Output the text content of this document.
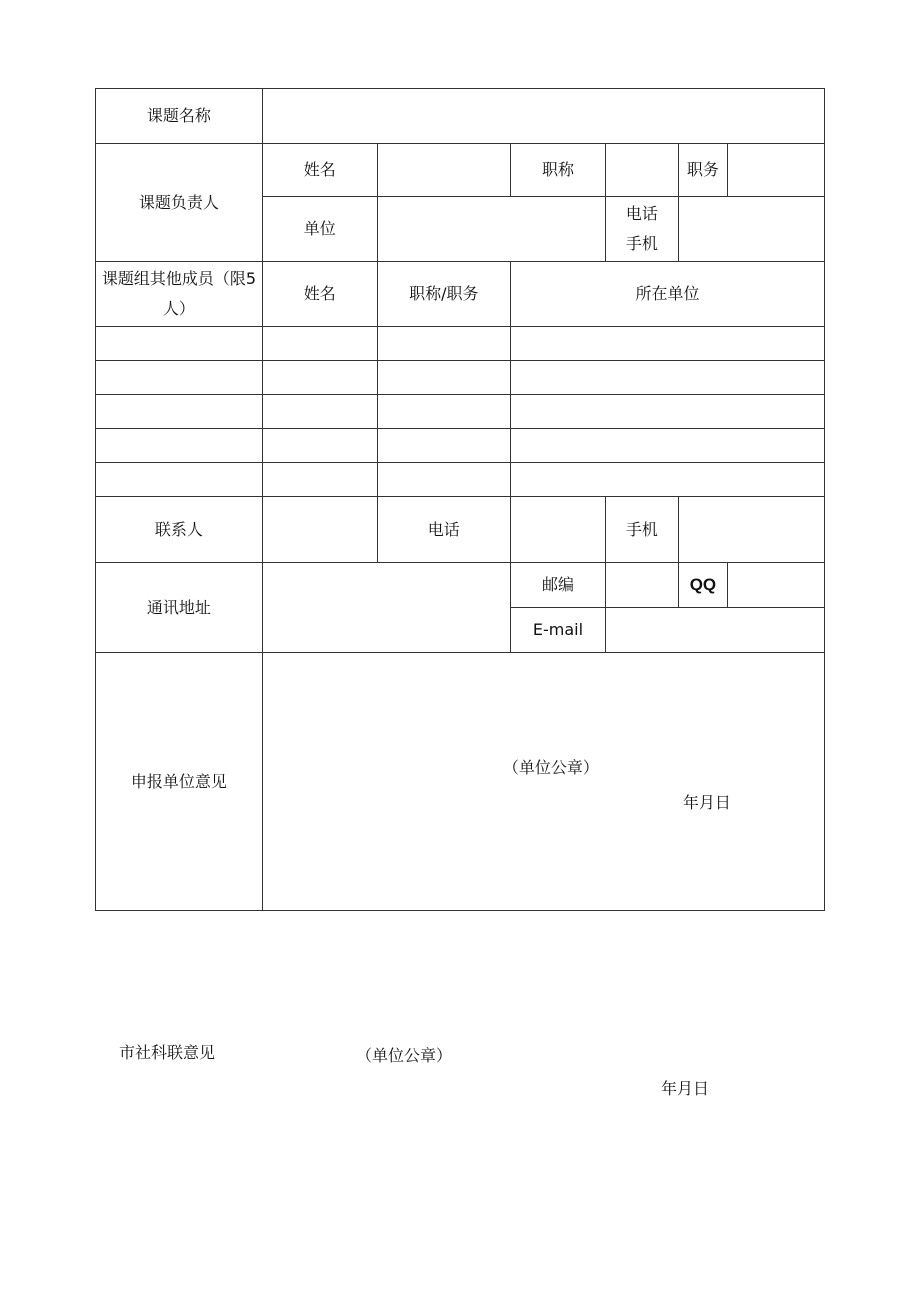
课题名称						
课题负责人	姓名		职称		职务	
	单位			电话手机		
课题组其他成员（限5人）	姓名	职称/职务	所在单位			

联系人		电话		手机		
通讯地址			邮编		QQ	
			E-mail			
申报单位意见	（单位公章）
年月日					
市社科联意见	（单位公章）
年月日
